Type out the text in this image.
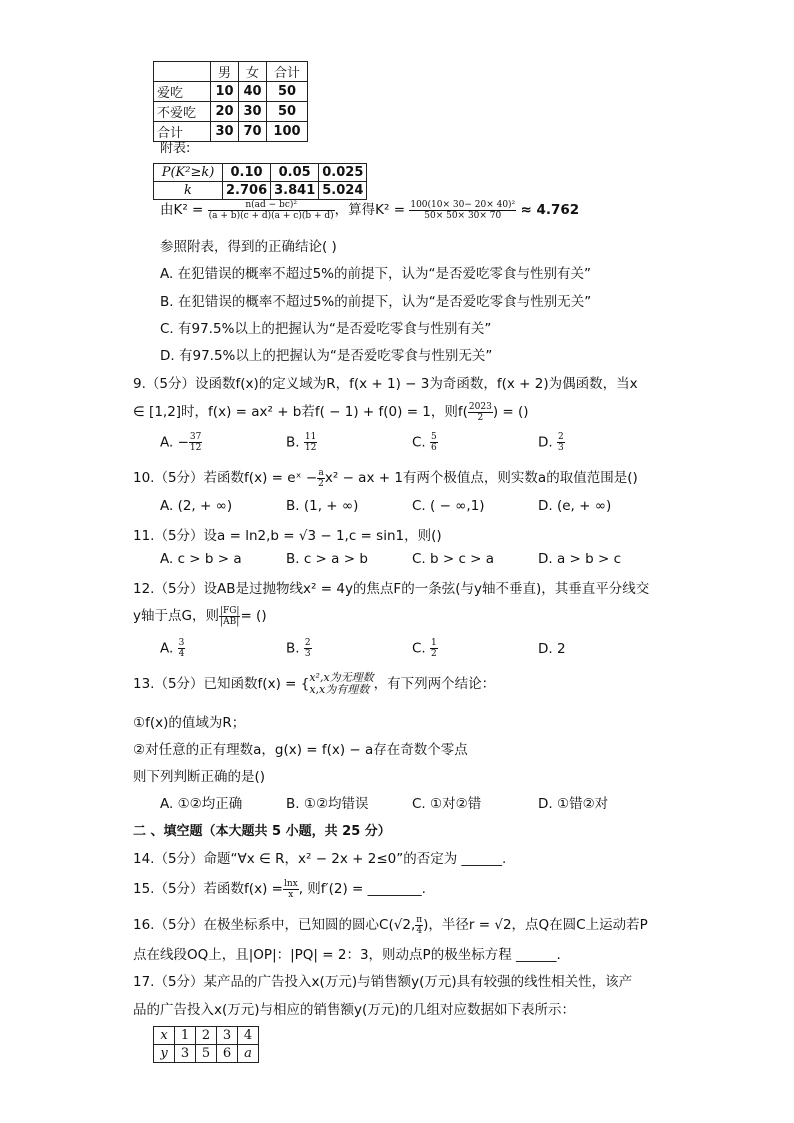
	男	女	合计
爱吃	10	40	50
不爱吃	20	30	50
合计	30	70	100
附表:
P(K²≥k)	0.10	0.05	0.025
k	2.706	3.841	5.024
由$K^2 = \frac{\text{n(ad − bc)²}}{(a + b)(c + d)(a + c)(b + d)}$ ，算得$K^2 = \frac{\text{100(10× 30− 20× 40)²}}{50\times 50\times 30\times 70} \approx 4.762$
参照附表，得到的正确结论( )
A. 在犯错误的概率不超过5%的前提下，认为“是否爱吃零食与性别有关”
B. 在犯错误的概率不超过5%的前提下，认为“是否爱吃零食与性别无关”
C. 有97.5%以上的把握认为“是否爱吃零食与性别有关”
D. 有97.5%以上的把握认为“是否爱吃零食与性别无关”
9.（5分）设函数f(x)的定义域为R，f(x + 1) − 3为奇函数，f(x + 2)为偶函数，当x
∈ [1,2]时，f(x) = ax² + b若f( − 1) + f(0) = 1，则$f( \frac{2023}{2}$ ) = ()
A. − $\frac{37}{12}$	B. $\frac{11}{12}$	C. $\frac{5}{6}$	D. $\frac{2}{3}$
10.（5分）若函数f(x) = eˣ − $\frac{a}{2} x^2$ − ax + 1有两个极值点，则实数a的取值范围是()
A. (2, + ∞)	B. (1, + ∞)	C. ( − ∞,1)	D. (e, + ∞)
11.（5分）设a = ln2,b = √3 − 1,c = sin1，则()
A. c > b > a	B. c > a > b	C. b > c > a	D. a > b > c
12.（5分）设AB是过抛物线x² = 4y的焦点F的一条弦(与y轴不垂直)，其垂直平分线交
y轴于点G，则 $\frac{|FG|}{|AB|}$ = ()
A. $\frac{3}{4}$	B. $\frac{2}{3}$	C. $\frac{1}{2}$	D. 2
13.（5分）已知函数f(x) = { x²,x为无理数
x,x为有理数 ，有下列两个结论：
①f(x)的值域为R；
②对任意的正有理数a，g(x) = f(x) − a存在奇数个零点
则下列判断正确的是()
A. ①②均正确	B. ①②均错误	C. ①对②错	D. ①错②对
二 、填空题（本大题共 5 小题，共 25 分）
14.（5分）命题“∀x ∈ R，x² − 2x + 2≤0”的否定为 ______.
15.（5分）若函数$f(x) = \frac{\ln x}{x}$ , 则f′(2) = ________.
16.（5分）在极坐标系中，已知圆的圆心C(√2, $\frac{\pi}{4}$ )，半径r = √2，点Q在圆C上运动若P
点在线段OQ上，且|OP|：|PQ| = 2：3，则动点P的极坐标方程 ______.
17.（5分）某产品的广告投入x(万元)与销售额y(万元)具有较强的线性相关性，该产
品的广告投入x(万元)与相应的销售额y(万元)的几组对应数据如下表所示：
x	1	2	3	4
y	3	5	6	a
